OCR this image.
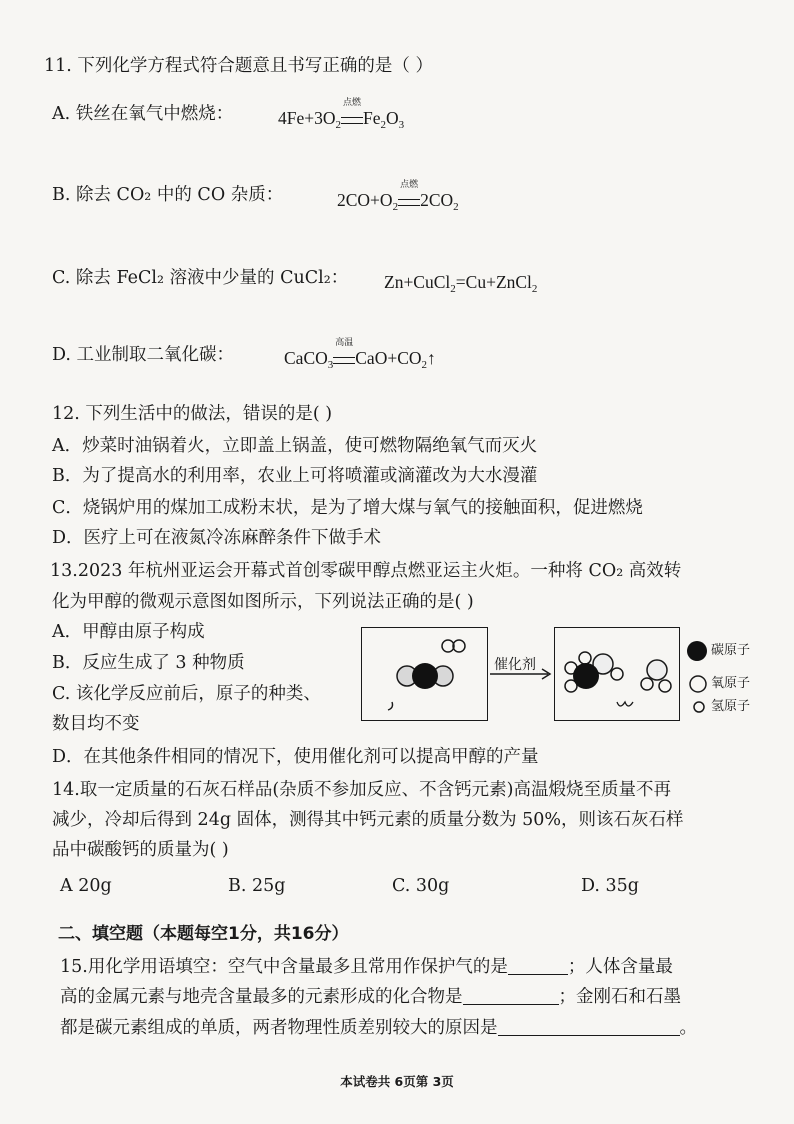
11. 下列化学方程式符合题意且书写正确的是（ ）
A. 铁丝在氧气中燃烧：	$4Fe+3O_2$
点燃
$Fe_2O_3$
B. 除去 CO₂ 中的 CO 杂质：	$2CO+O_2$
点燃
$2CO_2$
C. 除去 FeCl₂ 溶液中少量的 CuCl₂： Zn+CuCl$_2$=Cu+ZnCl$_2$
D. 工业制取二氧化碳：	CaCO$_3$
高温
$CaO+CO_2↑$
12. 下列生活中的做法，错误的是( )
A．炒菜时油锅着火，立即盖上锅盖，使可燃物隔绝氧气而灭火
B．为了提高水的利用率，农业上可将喷灌或滴灌改为大水漫灌
C．烧锅炉用的煤加工成粉末状，是为了增大煤与氧气的接触面积，促进燃烧
D．医疗上可在液氮冷冻麻醉条件下做手术
13.2023 年杭州亚运会开幕式首创零碳甲醇点燃亚运主火炬。一种将 CO₂ 高效转
化为甲醇的微观示意图如图所示，下列说法正确的是( )
A．甲醇由原子构成
B．反应生成了 3 种物质
C. 该化学反应前后，原子的种类、
数目均不变
D．在其他条件相同的情况下，使用催化剂可以提高甲醇的产量
催化剂
碳原子
氧原子
氢原子
14.取一定质量的石灰石样品(杂质不参加反应、不含钙元素)高温煅烧至质量不再
减少，冷却后得到 24g 固体，测得其中钙元素的质量分数为 50%，则该石灰石样
品中碳酸钙的质量为( )
A 20g	B. 25g	C. 30g	D. 35g
二、填空题（本题每空1分，共16分）
15.用化学用语填空：空气中含量最多且常用作保护气的是	；人体含量最
高的金属元素与地壳含量最多的元素形成的化合物是	；金刚石和石墨
都是碳元素组成的单质，两者物理性质差别较大的原因是	。
本试卷共 6页第 3页
